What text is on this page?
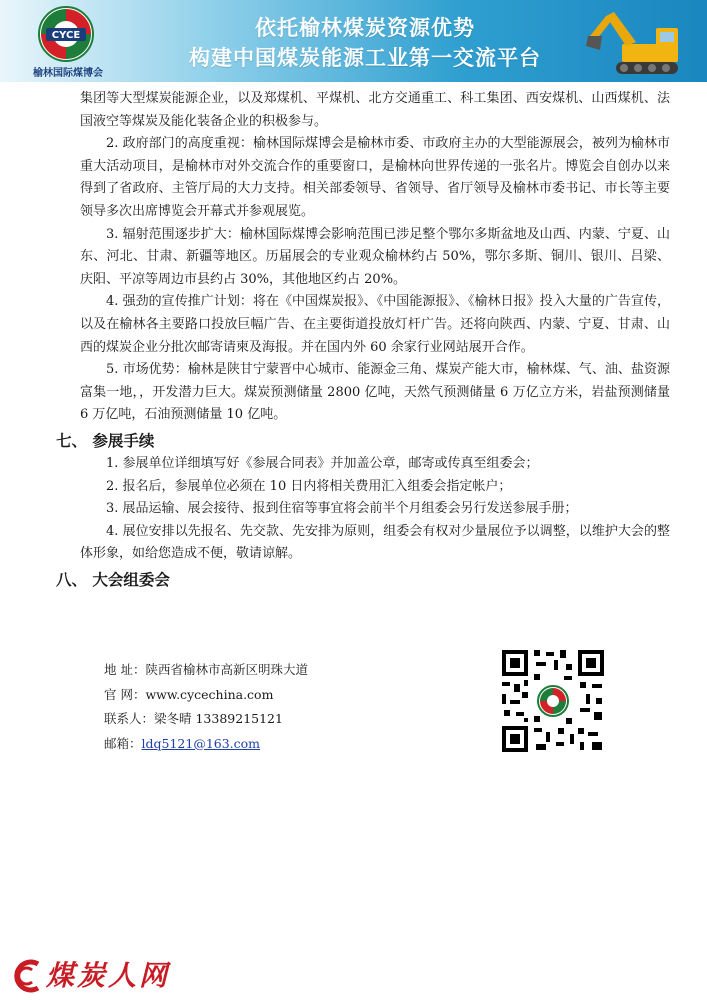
CYCE
榆林国际煤博会
依托榆林煤炭资源优势
构建中国煤炭能源工业第一交流平台

集团等大型煤炭能源企业，以及郑煤机、平煤机、北方交通重工、科工集团、西安煤机、山西煤机、法国液空等煤炭及能化装备企业的积极参与。

2. 政府部门的高度重视：榆林国际煤博会是榆林市委、市政府主办的大型能源展会，被列为榆林市重大活动项目，是榆林市对外交流合作的重要窗口，是榆林向世界传递的一张名片。博览会自创办以来得到了省政府、主管厅局的大力支持。相关部委领导、省领导、省厅领导及榆林市委书记、市长等主要领导多次出席博览会开幕式并参观展览。

3. 辐射范围逐步扩大：榆林国际煤博会影响范围已涉足整个鄂尔多斯盆地及山西、内蒙、宁夏、山东、河北、甘肃、新疆等地区。历届展会的专业观众榆林约占 50%，鄂尔多斯、铜川、银川、吕梁、庆阳、平凉等周边市县约占 30%，其他地区约占 20%。

4. 强劲的宣传推广计划：将在《中国煤炭报》、《中国能源报》、《榆林日报》投入大量的广告宣传，以及在榆林各主要路口投放巨幅广告、在主要街道投放灯杆广告。还将向陕西、内蒙、宁夏、甘肃、山西的煤炭企业分批次邮寄请柬及海报。并在国内外 60 余家行业网站展开合作。

5. 市场优势：榆林是陕甘宁蒙晋中心城市、能源金三角、煤炭产能大市，榆林煤、气、油、盐资源富集一地，，开发潜力巨大。煤炭预测储量 2800 亿吨，天然气预测储量 6 万亿立方米，岩盐预测储量 6 万亿吨，石油预测储量 10 亿吨。

七、 参展手续

1. 参展单位详细填写好《参展合同表》并加盖公章，邮寄或传真至组委会；

2. 报名后，参展单位必须在 10 日内将相关费用汇入组委会指定帐户；

3. 展品运输、展会接待、报到住宿等事宜将会前半个月组委会另行发送参展手册；

4. 展位安排以先报名、先交款、先安排为原则，组委会有权对少量展位予以调整，以维护大会的整体形象，如给您造成不便，敬请谅解。

八、 大会组委会

地 址：陕西省榆林市高新区明珠大道
官 网：www.cycechina.com
联系人：梁冬晴 13389215121
邮箱：ldq5121@163.com
煤炭人网
